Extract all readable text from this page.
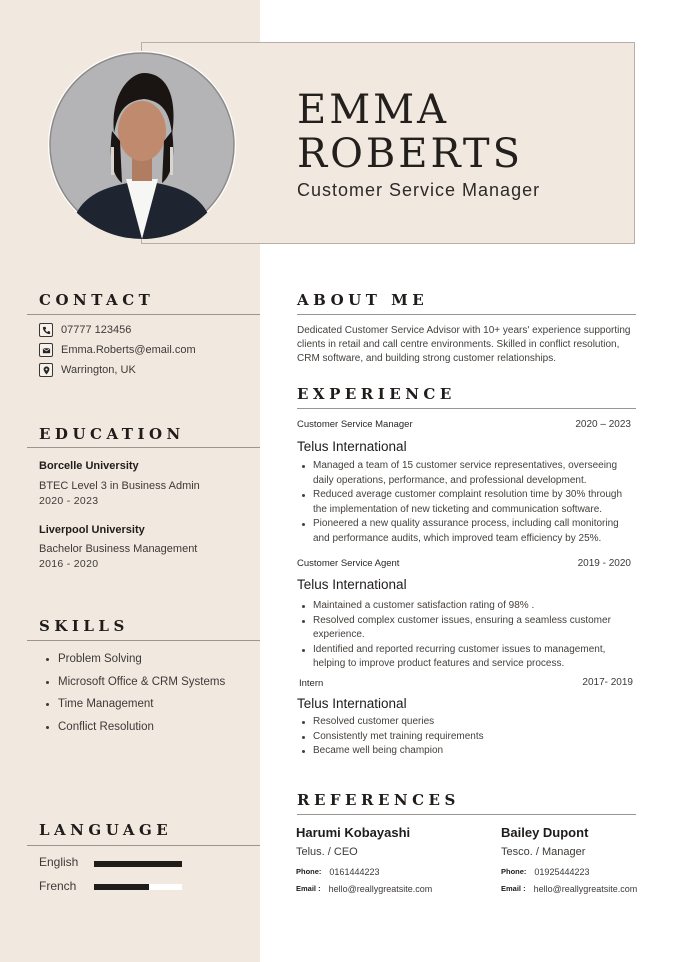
EMMA
ROBERTS
Customer Service Manager
CONTACT
07777 123456
Emma.Roberts@email.com
Warrington, UK
EDUCATION
Borcelle University
BTEC Level 3 in Business Admin
2020 - 2023
Liverpool University
Bachelor Business Management
2016 - 2020
SKILLS
Problem Solving
Microsoft Office & CRM Systems
Time Management
Conflict Resolution
LANGUAGE
English
French
ABOUT ME
Dedicated Customer Service Advisor with 10+ years' experience supporting clients in retail and call centre environments. Skilled in conflict resolution, CRM software, and building strong customer relationships.
EXPERIENCE
Customer Service Manager	2020 – 2023
Telus International
Managed a team of 15 customer service representatives, overseeing daily operations, performance, and professional development.
Reduced average customer complaint resolution time by 30% through the implementation of new ticketing and communication software.
Pioneered a new quality assurance process, including call monitoring and performance audits, which improved team efficiency by 25%.
Customer Service Agent	2019 - 2020
Telus International
Maintained a customer satisfaction rating of 98% .
Resolved complex customer issues, ensuring a seamless customer experience.
Identified and reported recurring customer issues to management, helping to improve product features and service process.
Intern	2017- 2019
Telus International
Resolved customer queries
Consistently met training requirements
Became well being champion
REFERENCES
Harumi Kobayashi
Telus. / CEO
Phone: 0161444223
Email : hello@reallygreatsite.com
Bailey Dupont
Tesco. / Manager
Phone: 01925444223
Email : hello@reallygreatsite.com
